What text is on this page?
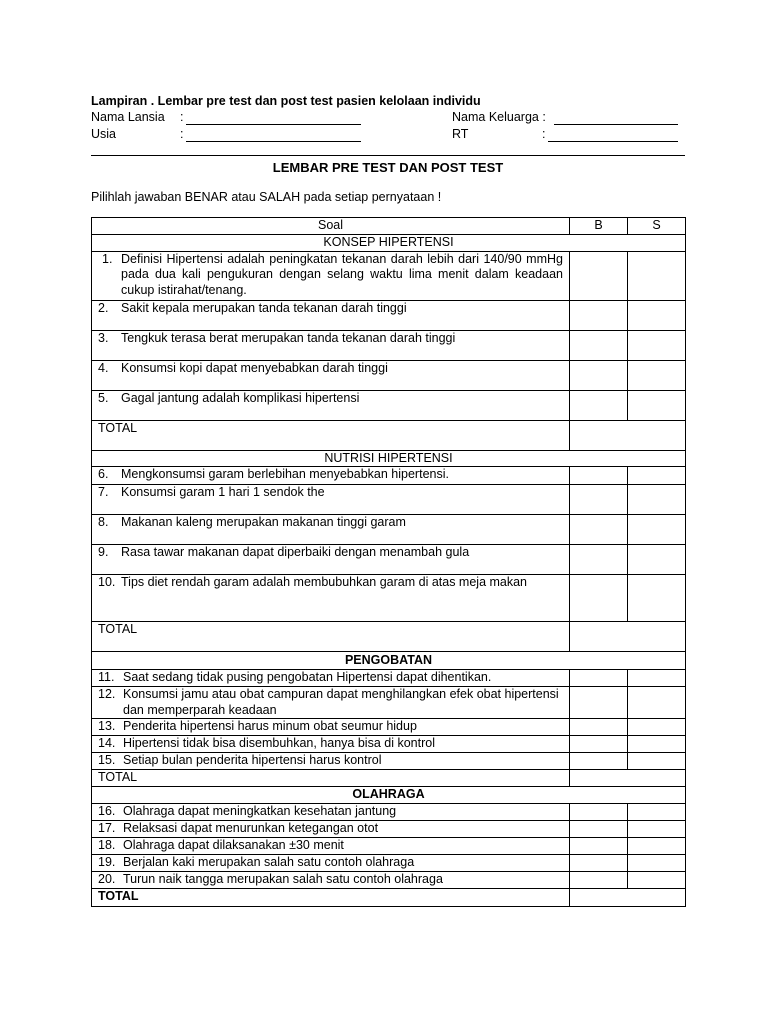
Lampiran . Lembar pre test dan post test pasien kelolaan individu
Nama Lansia :	Nama Keluarga :
Usia	:	RT	:
LEMBAR PRE TEST DAN POST TEST
Pilihlah jawaban BENAR atau SALAH pada setiap pernyataan !
Soal	B	S
KONSEP HIPERTENSI		

1. Definisi Hipertensi adalah peningkatan tekanan darah lebih dari 140/90 mmHg pada dua kali pengukuran dengan selang waktu lima menit dalam keadaan cukup istirahat/tenang.		

2. Sakit kepala merupakan tanda tekanan darah tinggi		

3. Tengkuk terasa berat merupakan tanda tekanan darah tinggi		

4. Konsumsi kopi dapat menyebabkan darah tinggi		

5. Gagal jantung adalah komplikasi hipertensi		

TOTAL		
NUTRISI HIPERTENSI		

6. Mengkonsumsi garam berlebihan menyebabkan hipertensi.		

7. Konsumsi garam 1 hari 1 sendok the		

8. Makanan kaleng merupakan makanan tinggi garam		

9. Rasa tawar makanan dapat diperbaiki dengan menambah gula		

10. Tips diet rendah garam adalah membubuhkan garam di atas meja makan		

TOTAL		
PENGOBATAN		

11. Saat sedang tidak pusing pengobatan Hipertensi dapat dihentikan.		

12. Konsumsi jamu atau obat campuran dapat menghilangkan efek obat hipertensi dan memperparah keadaan		

13. Penderita hipertensi harus minum obat seumur hidup		

14. Hipertensi tidak bisa disembuhkan, hanya bisa di kontrol		

15. Setiap bulan penderita hipertensi harus kontrol		

TOTAL		
OLAHRAGA		

16. Olahraga dapat meningkatkan kesehatan jantung		

17. Relaksasi dapat menurunkan ketegangan otot		

18. Olahraga dapat dilaksanakan ±30 menit		

19. Berjalan kaki merupakan salah satu contoh olahraga		

20. Turun naik tangga merupakan salah satu contoh olahraga		

TOTAL		
